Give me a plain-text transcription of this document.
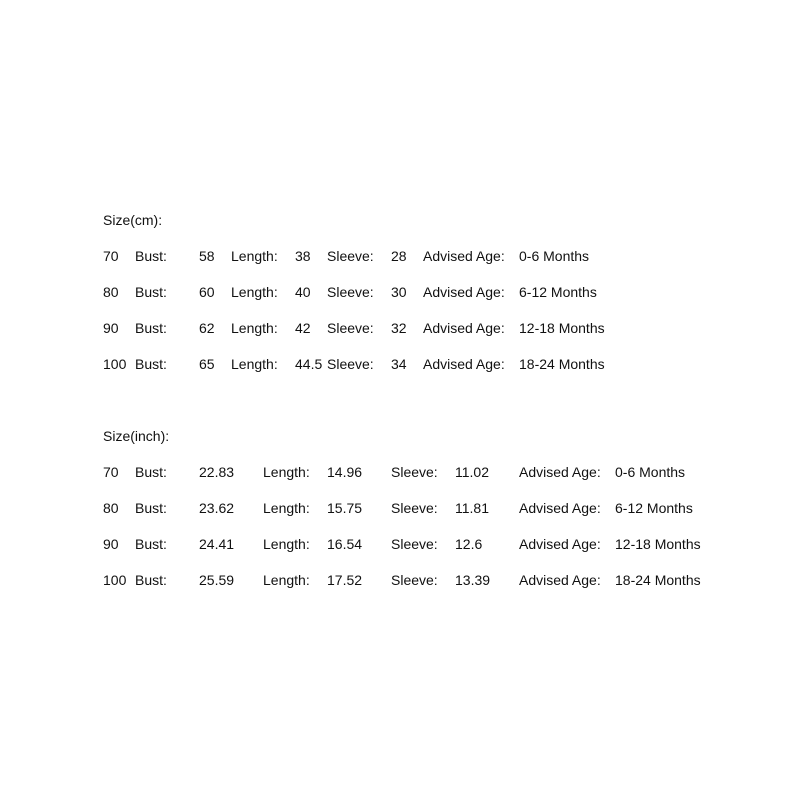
Size(cm):
70 Bust: 58 Length: 38 Sleeve: 28 Advised Age: 0-6 Months
80 Bust: 60 Length: 40 Sleeve: 30 Advised Age: 6-12 Months
90 Bust: 62 Length: 42 Sleeve: 32 Advised Age: 12-18 Months
100 Bust: 65 Length: 44.5 Sleeve: 34 Advised Age: 18-24 Months
Size(inch):
70 Bust: 22.83 Length: 14.96 Sleeve: 11.02 Advised Age: 0-6 Months
80 Bust: 23.62 Length: 15.75 Sleeve: 11.81 Advised Age: 6-12 Months
90 Bust: 24.41 Length: 16.54 Sleeve: 12.6	Advised Age: 12-18 Months
100 Bust: 25.59 Length: 17.52 Sleeve: 13.39 Advised Age: 18-24 Months
